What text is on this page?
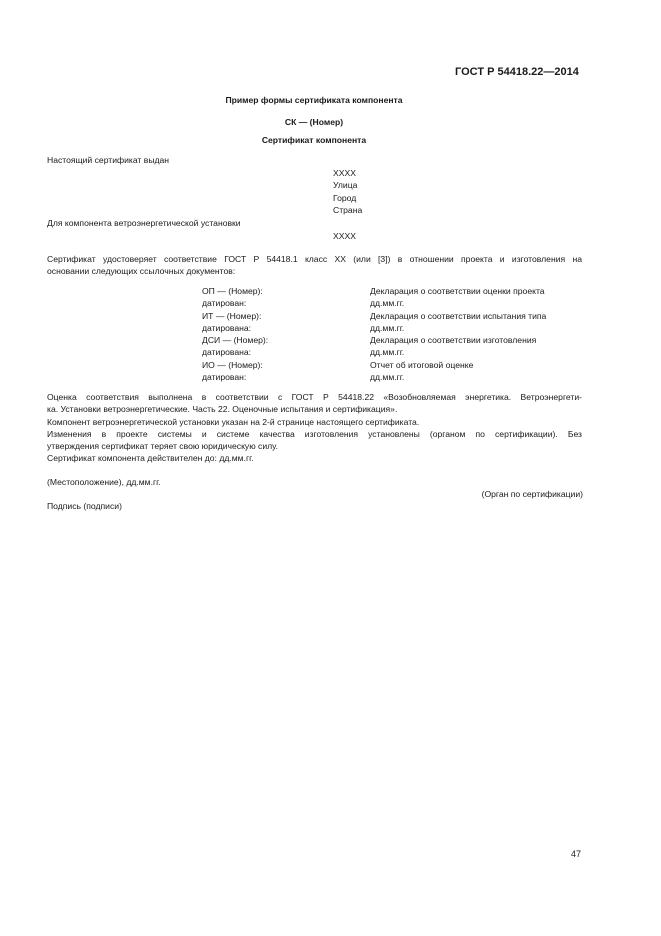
ГОСТ Р 54418.22—2014
Пример формы сертификата компонента
СК — (Номер)
Сертификат компонента
Настоящий сертификат выдан
XXXX
Улица
Город
Страна
Для компонента ветроэнергетической установки
XXXX
Сертификат удостоверяет соответствие ГОСТ Р 54418.1 класс XX (или [3]) в отношении проекта и изготовления на
основании следующих ссылочных документов:
ОП — (Номер):
датирован:
ИТ — (Номер):
датирована:
ДСИ — (Номер):
датирована:
ИО — (Номер):
датирован:
Декларация о соответствии оценки проекта
дд.мм.гг.
Декларация о соответствии испытания типа
дд.мм.гг.
Декларация о соответствии изготовления
дд.мм.гг.
Отчет об итоговой оценке
дд.мм.гг.
Оценка соответствия выполнена в соответствии с ГОСТ Р 54418.22 «Возобновляемая энергетика. Ветроэнергети-
ка. Установки ветроэнергетические. Часть 22. Оценочные испытания и сертификация».
Компонент ветроэнергетической установки указан на 2-й странице настоящего сертификата.
Изменения в проекте системы и системе качества изготовления установлены (органом по сертификации). Без
утверждения сертификат теряет свою юридическую силу.
Сертификат компонента действителен до: дд.мм.гг.
(Местоположение), дд.мм.гг.
(Орган по сертификации)
Подпись (подписи)
47
